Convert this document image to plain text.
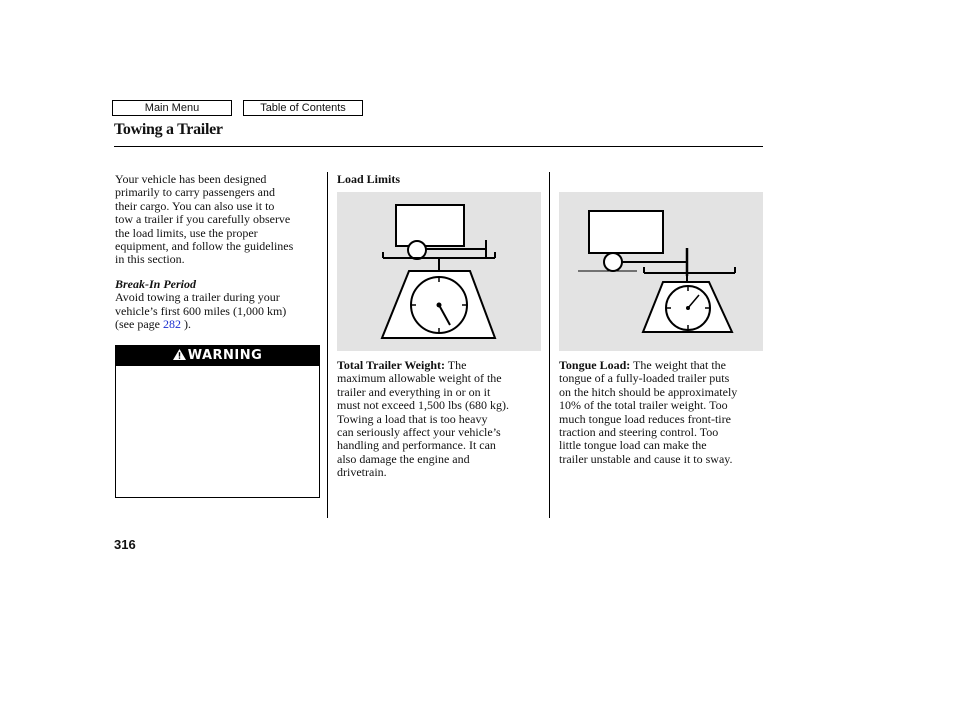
Main Menu	Table of Contents
Towing a Trailer

Your vehicle has been designed

primarily to carry passengers and

their cargo. You can also use it to

tow a trailer if you carefully observe

the load limits, use the proper

equipment, and follow the guidelines

in this section.

Break-In Period

Avoid towing a trailer during your

vehicle’s first 600 miles (1,000 km)

(see page 282 ).

WARNING

Load Limits

Total Trailer Weight: The

maximum allowable weight of the

trailer and everything in or on it

must not exceed 1,500 lbs (680 kg).

Towing a load that is too heavy

can seriously affect your vehicle’s

handling and performance. It can

also damage the engine and

drivetrain.

Tongue Load: The weight that the

tongue of a fully-loaded trailer puts

on the hitch should be approximately

10% of the total trailer weight. Too

much tongue load reduces front-tire

traction and steering control. Too

little tongue load can make the

trailer unstable and cause it to sway.

316
